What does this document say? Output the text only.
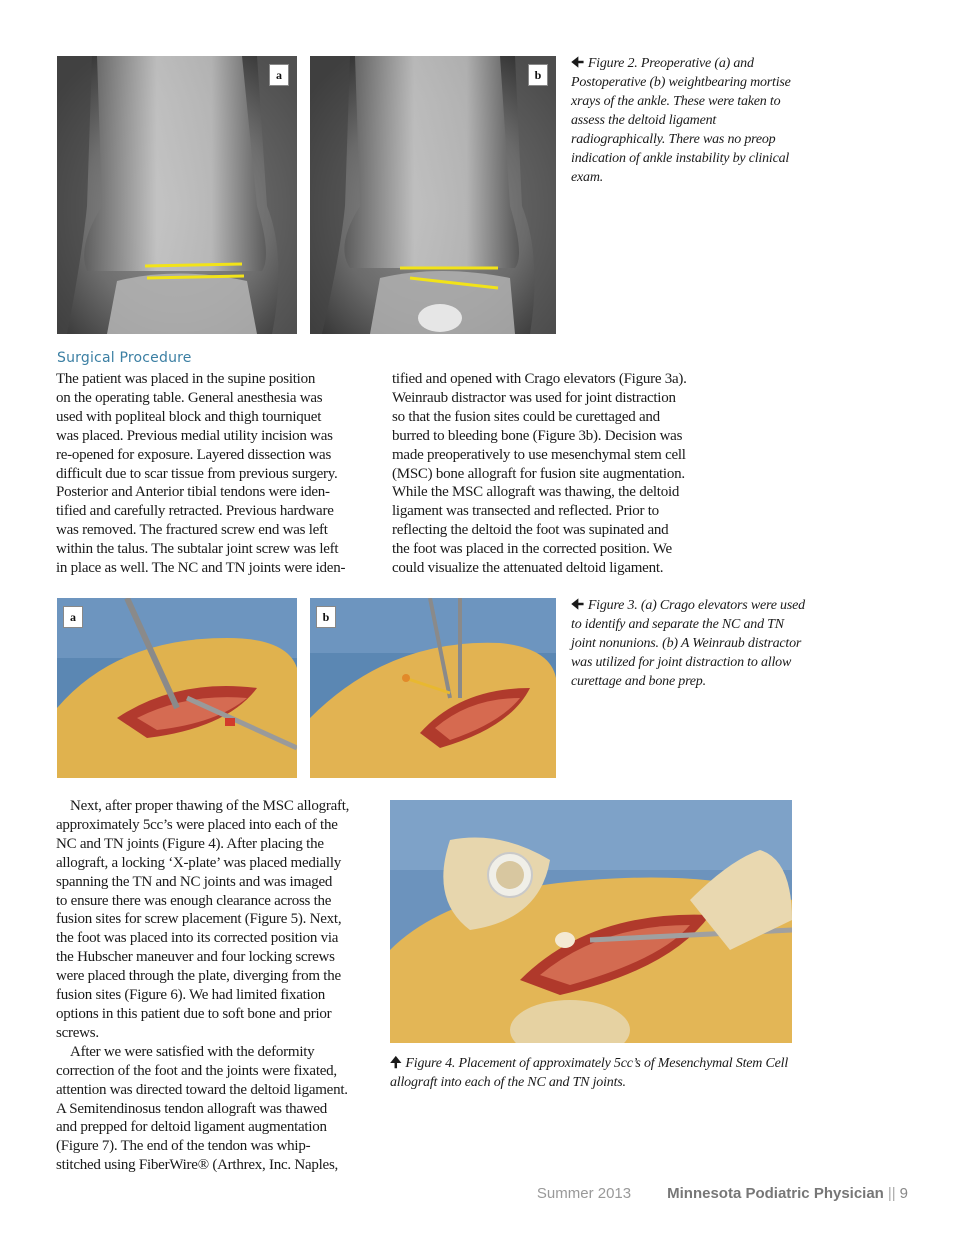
a	b
🠈 Figure 2. Preoperative (a) and Postoperative (b) weightbearing mortise xrays of the ankle. These were taken to assess the deltoid ligament radiographically. There was no preop indication of ankle instability by clinical exam.
Surgical Procedure

The patient was placed in the supine position
on the operating table. General anesthesia was
used with popliteal block and thigh tourniquet
was placed. Previous medial utility incision was
re-opened for exposure. Layered dissection was
difficult due to scar tissue from previous surgery.
Posterior and Anterior tibial tendons were iden-
tified and carefully retracted. Previous hardware
was removed. The fractured screw end was left
within the talus. The subtalar joint screw was left
in place as well. The NC and TN joints were iden-

tified and opened with Crago elevators (Figure 3a).
Weinraub distractor was used for joint distraction
so that the fusion sites could be curettaged and
burred to bleeding bone (Figure 3b). Decision was
made preoperatively to use mesenchymal stem cell
(MSC) bone allograft for fusion site augmentation.
While the MSC allograft was thawing, the deltoid
ligament was transected and reflected. Prior to
reflecting the deltoid the foot was supinated and
the foot was placed in the corrected position. We
could visualize the attenuated deltoid ligament.

a	b
🠈 Figure 3. (a) Crago elevators were used to identify and separate the NC and TN joint nonunions. (b) A Weinraub distractor was utilized for joint distraction to allow curettage and bone prep.

Next, after proper thawing of the MSC allograft,
approximately 5cc’s were placed into each of the
NC and TN joints (Figure 4). After placing the
allograft, a locking ‘X-plate’ was placed medially
spanning the TN and NC joints and was imaged
to ensure there was enough clearance across the
fusion sites for screw placement (Figure 5). Next,
the foot was placed into its corrected position via
the Hubscher maneuver and four locking screws
were placed through the plate, diverging from the
fusion sites (Figure 6). We had limited fixation
options in this patient due to soft bone and prior
screws.

After we were satisfied with the deformity
correction of the foot and the joints were fixated,
attention was directed toward the deltoid ligament.
A Semitendinosus tendon allograft was thawed
and prepped for deltoid ligament augmentation
(Figure 7). The end of the tendon was whip-
stitched using FiberWire® (Arthrex, Inc. Naples,

🠉 Figure 4. Placement of approximately 5cc’s of Mesenchymal Stem Cell allograft into each of the NC and TN joints.
Summer 2013 Minnesota Podiatric Physician || 9
